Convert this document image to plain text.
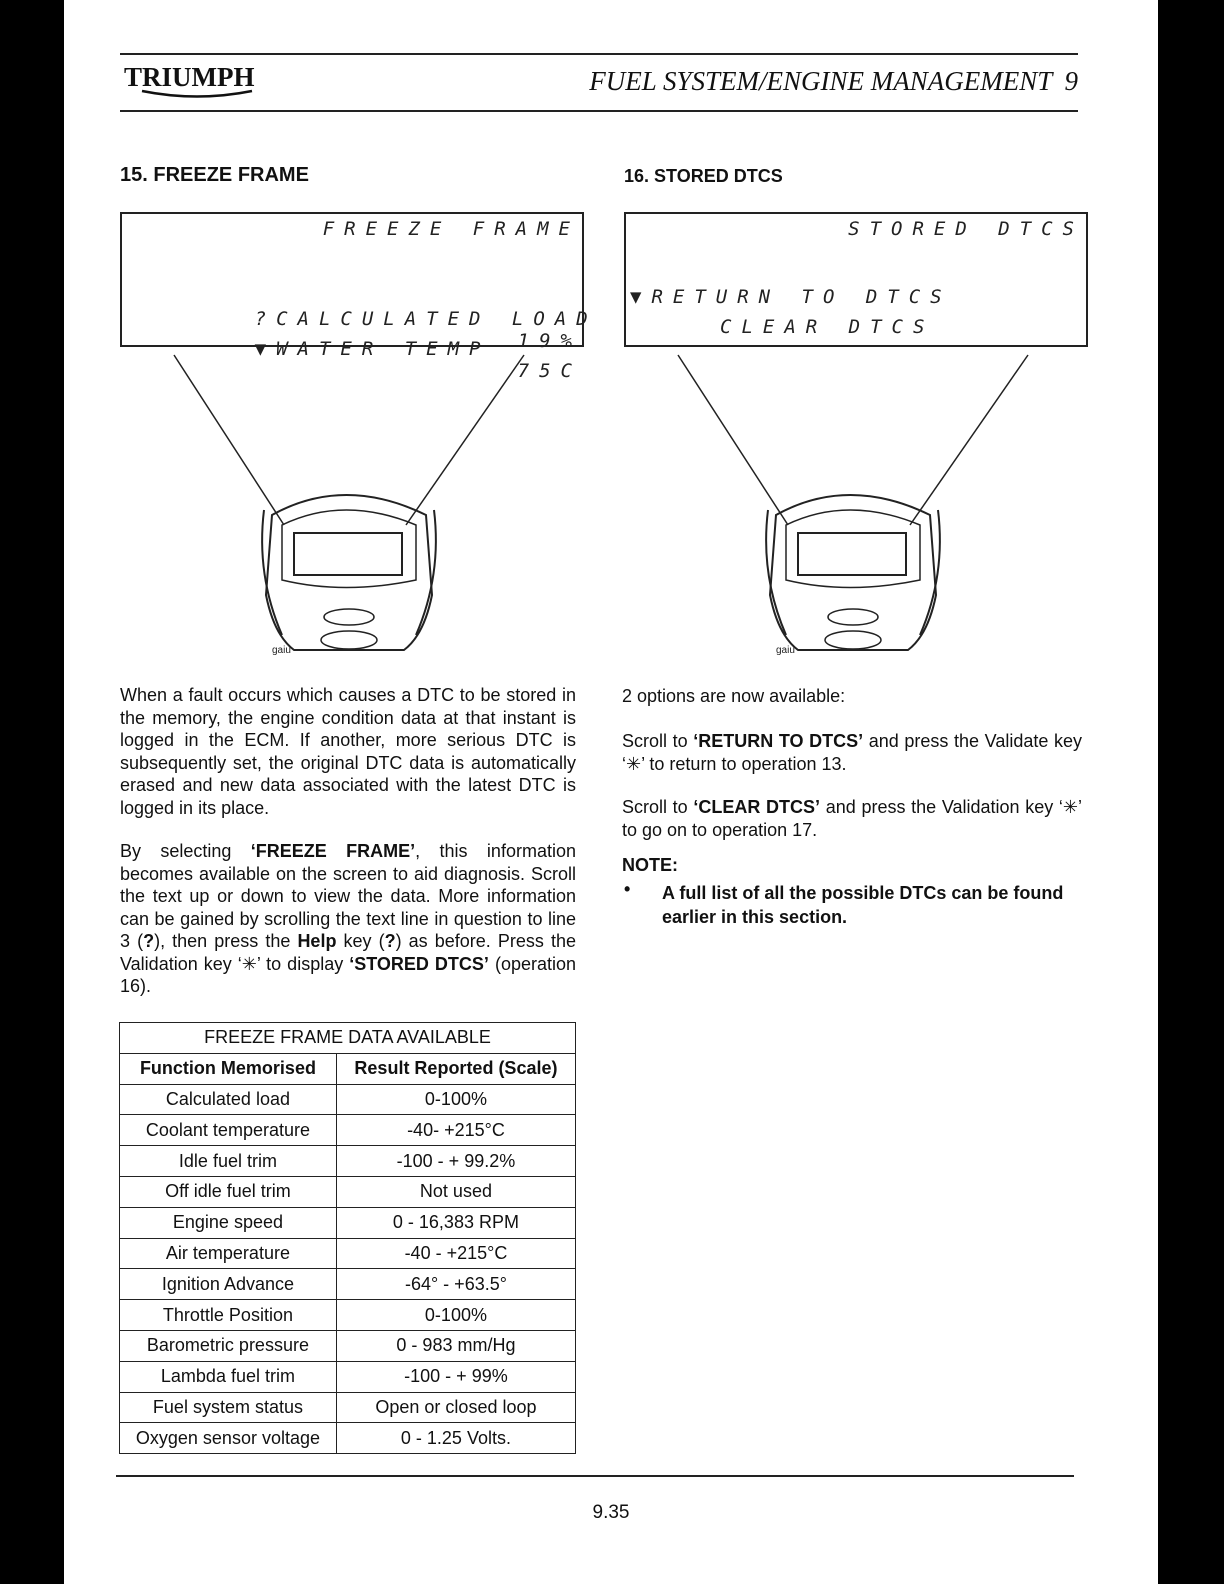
TRIUMPH	FUEL SYSTEM/ENGINE MANAGEMENT 9
15. FREEZE FRAME
FREEZE FRAME

?CALCULATED LOAD

19%

▼WATER TEMP

75C

gaiu
When a fault occurs which causes a DTC to be stored in the memory, the engine condition data at that instant is logged in the ECM. If another, more serious DTC is subsequently set, the original DTC data is automatically erased and new data associated with the latest DTC is logged in its place.
By selecting ‘FREEZE FRAME’, this information becomes available on the screen to aid diagnosis. Scroll the text up or down to view the data. More information can be gained by scrolling the text line in question to line 3 (?), then press the Help key (?) as before. Press the Validation key ‘✳’ to display ‘STORED DTCS’ (operation 16).
FREEZE FRAME DATA AVAILABLE	
Function Memorised	Result Reported (Scale)
Calculated load	0-100%
Coolant temperature	-40- +215°C
Idle fuel trim	-100 - + 99.2%
Off idle fuel trim	Not used
Engine speed	0 - 16,383 RPM
Air temperature	-40 - +215°C
Ignition Advance	-64° - +63.5°
Throttle Position	0-100%
Barometric pressure	0 - 983 mm/Hg
Lambda fuel trim	-100 - + 99%
Fuel system status	Open or closed loop
Oxygen sensor voltage	0 - 1.25 Volts.
16. STORED DTCS
STORED DTCS
▼RETURN TO DTCS
CLEAR DTCS
gaiu
2 options are now available:
Scroll to ‘RETURN TO DTCS’ and press the Validate key ‘✳’ to return to operation 13.
Scroll to ‘CLEAR DTCS’ and press the Validation key ‘✳’ to go on to operation 17.
NOTE:
• A full list of all the possible DTCs can be found earlier in this section.
9.35
